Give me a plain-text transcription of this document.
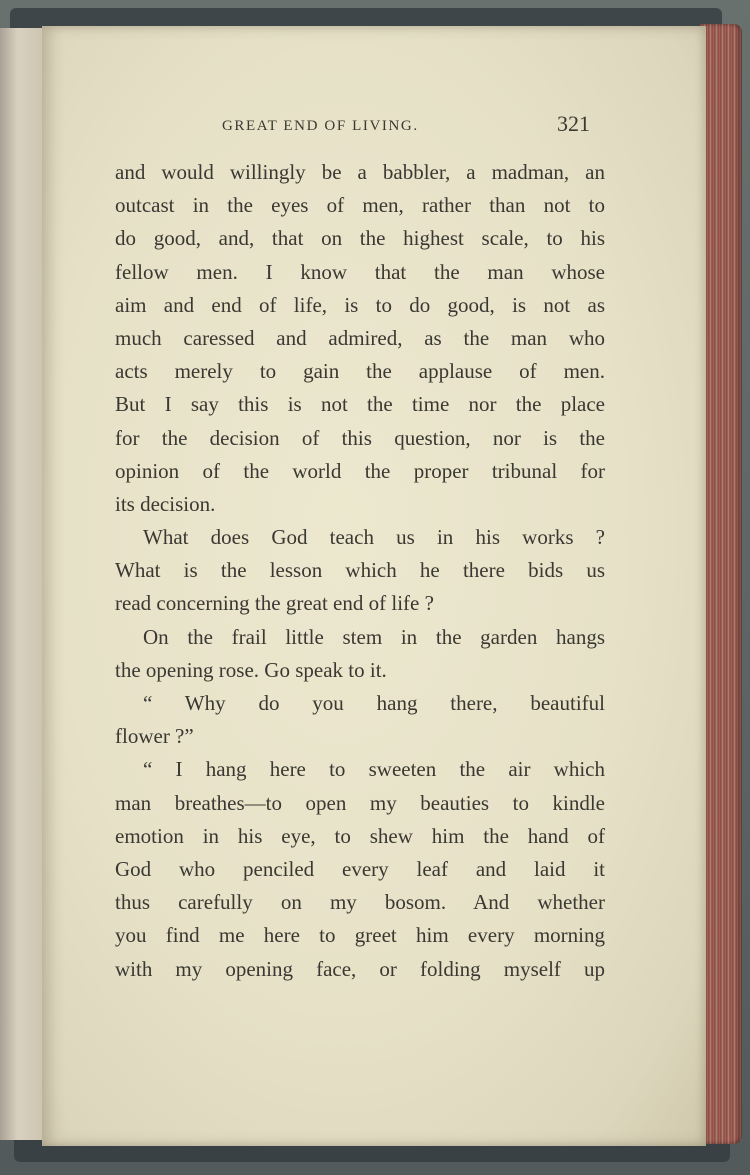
GREAT END OF LIVING.	321
and would willingly be a babbler, a madman, an
outcast in the eyes of men, rather than not to
do good, and, that on the highest scale, to his
fellow men. I know that the man whose
aim and end of life, is to do good, is not as
much caressed and admired, as the man who
acts merely to gain the applause of men.
But I say this is not the time nor the place
for the decision of this question, nor is the
opinion of the world the proper tribunal for
its decision.
What does God teach us in his works ?
What is the lesson which he there bids us
read concerning the great end of life ?
On the frail little stem in the garden hangs
the opening rose. Go speak to it.
“ Why do you hang there, beautiful
flower ?”
“ I hang here to sweeten the air which
man breathes—to open my beauties to kindle
emotion in his eye, to shew him the hand of
God who penciled every leaf and laid it
thus carefully on my bosom. And whether
you find me here to greet him every morning
with my opening face, or folding myself up
